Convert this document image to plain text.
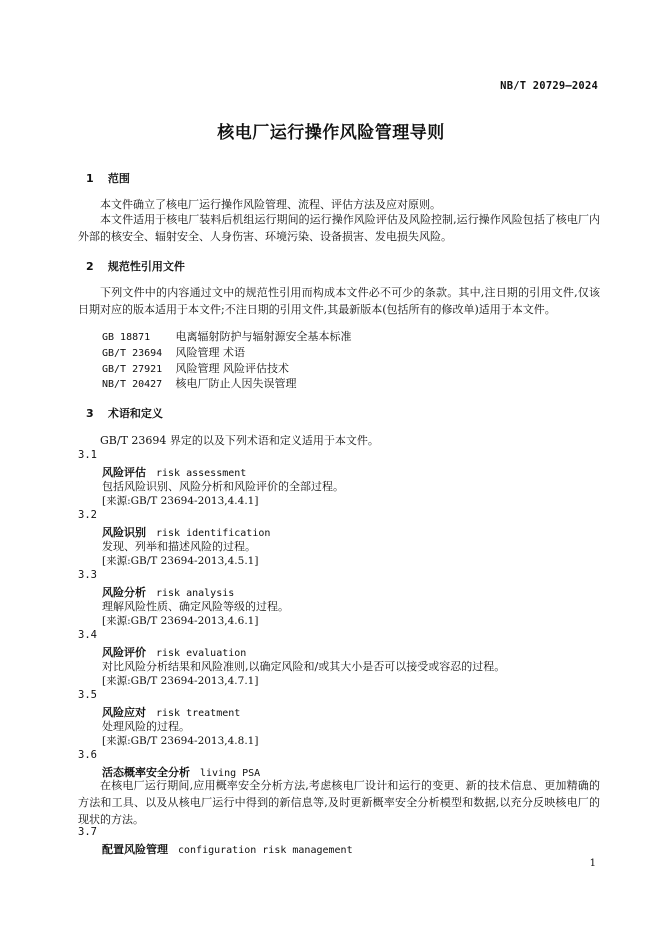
NB/T 20729—2024
核电厂运行操作风险管理导则
1 范围
本文件确立了核电厂运行操作风险管理、流程、评估方法及应对原则。
本文件适用于核电厂装料后机组运行期间的运行操作风险评估及风险控制,运行操作风险包括了核电厂内外部的核安全、辐射安全、人身伤害、环境污染、设备损害、发电损失风险。
2 规范性引用文件
下列文件中的内容通过文中的规范性引用而构成本文件必不可少的条款。其中,注日期的引用文件,仅该日期对应的版本适用于本文件;不注日期的引用文件,其最新版本(包括所有的修改单)适用于本文件。
GB 18871 电离辐射防护与辐射源安全基本标准
GB/T 23694 风险管理 术语
GB/T 27921 风险管理 风险评估技术
NB/T 20427 核电厂防止人因失误管理
3 术语和定义
GB/T 23694 界定的以及下列术语和定义适用于本文件。
3.1
风险评估 risk assessment
包括风险识别、风险分析和风险评价的全部过程。
[来源:GB/T 23694-2013,4.4.1]
3.2
风险识别 risk identification
发现、列举和描述风险的过程。
[来源:GB/T 23694-2013,4.5.1]
3.3
风险分析 risk analysis
理解风险性质、确定风险等级的过程。
[来源:GB/T 23694-2013,4.6.1]
3.4
风险评价 risk evaluation
对比风险分析结果和风险准则,以确定风险和/或其大小是否可以接受或容忍的过程。
[来源:GB/T 23694-2013,4.7.1]
3.5
风险应对 risk treatment
处理风险的过程。
[来源:GB/T 23694-2013,4.8.1]
3.6
活态概率安全分析 living PSA
在核电厂运行期间,应用概率安全分析方法,考虑核电厂设计和运行的变更、新的技术信息、更加精确的方法和工具、以及从核电厂运行中得到的新信息等,及时更新概率安全分析模型和数据,以充分反映核电厂的现状的方法。
3.7
配置风险管理 configuration risk management
1
